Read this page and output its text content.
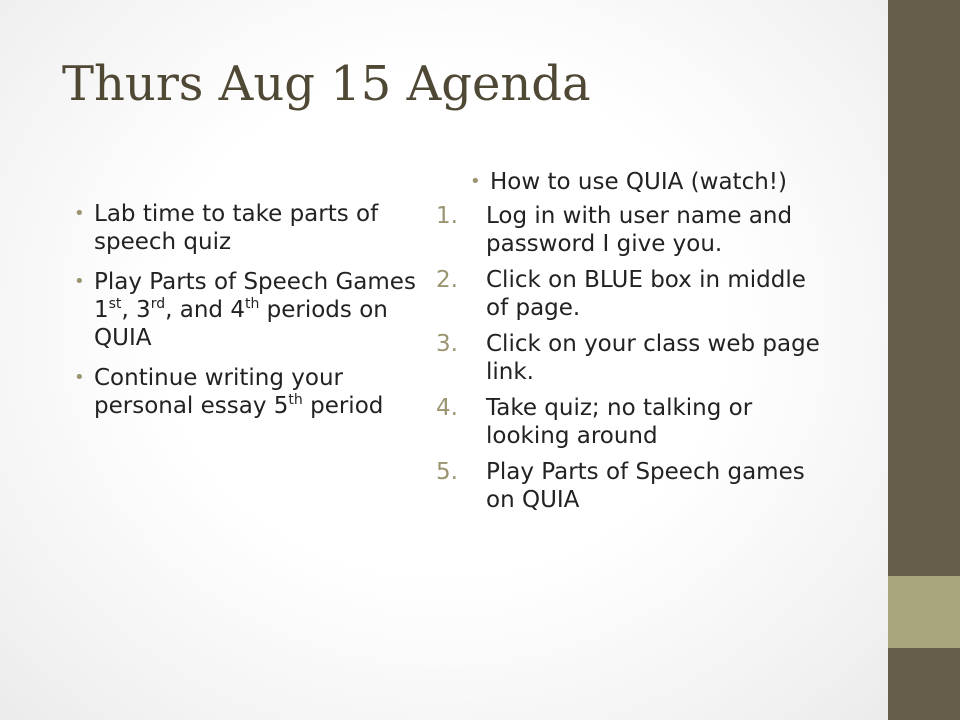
Thurs Aug 15 Agenda
• Lab time to take parts of speech quiz
• Play Parts of Speech Games 1st, 3rd, and 4th periods on QUIA
• Continue writing your personal essay 5th period
• How to use QUIA (watch!)
1. Log in with user name and password I give you.
2. Click on BLUE box in middle of page.
3. Click on your class web page link.
4. Take quiz; no talking or looking around
5. Play Parts of Speech games on QUIA
